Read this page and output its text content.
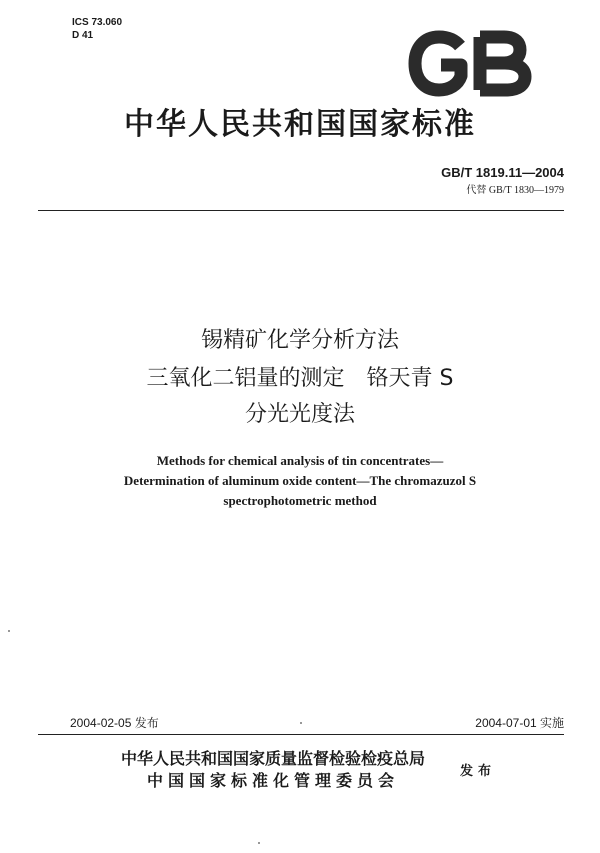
ICS 73.060
D 41
中华人民共和国国家标准
GB/T 1819.11—2004
代替 GB/T 1830—1979
锡精矿化学分析方法
三氧化二铝量的测定　铬天青 S
分光光度法
Methods for chemical analysis of tin concentrates—
Determination of aluminum oxide content—The chromazuzol S
spectrophotometric method
2004-02-05 发布	2004-07-01 实施
中华人民共和国国家质量监督检验检疫总局
中国国家标准化管理委员会	发布
